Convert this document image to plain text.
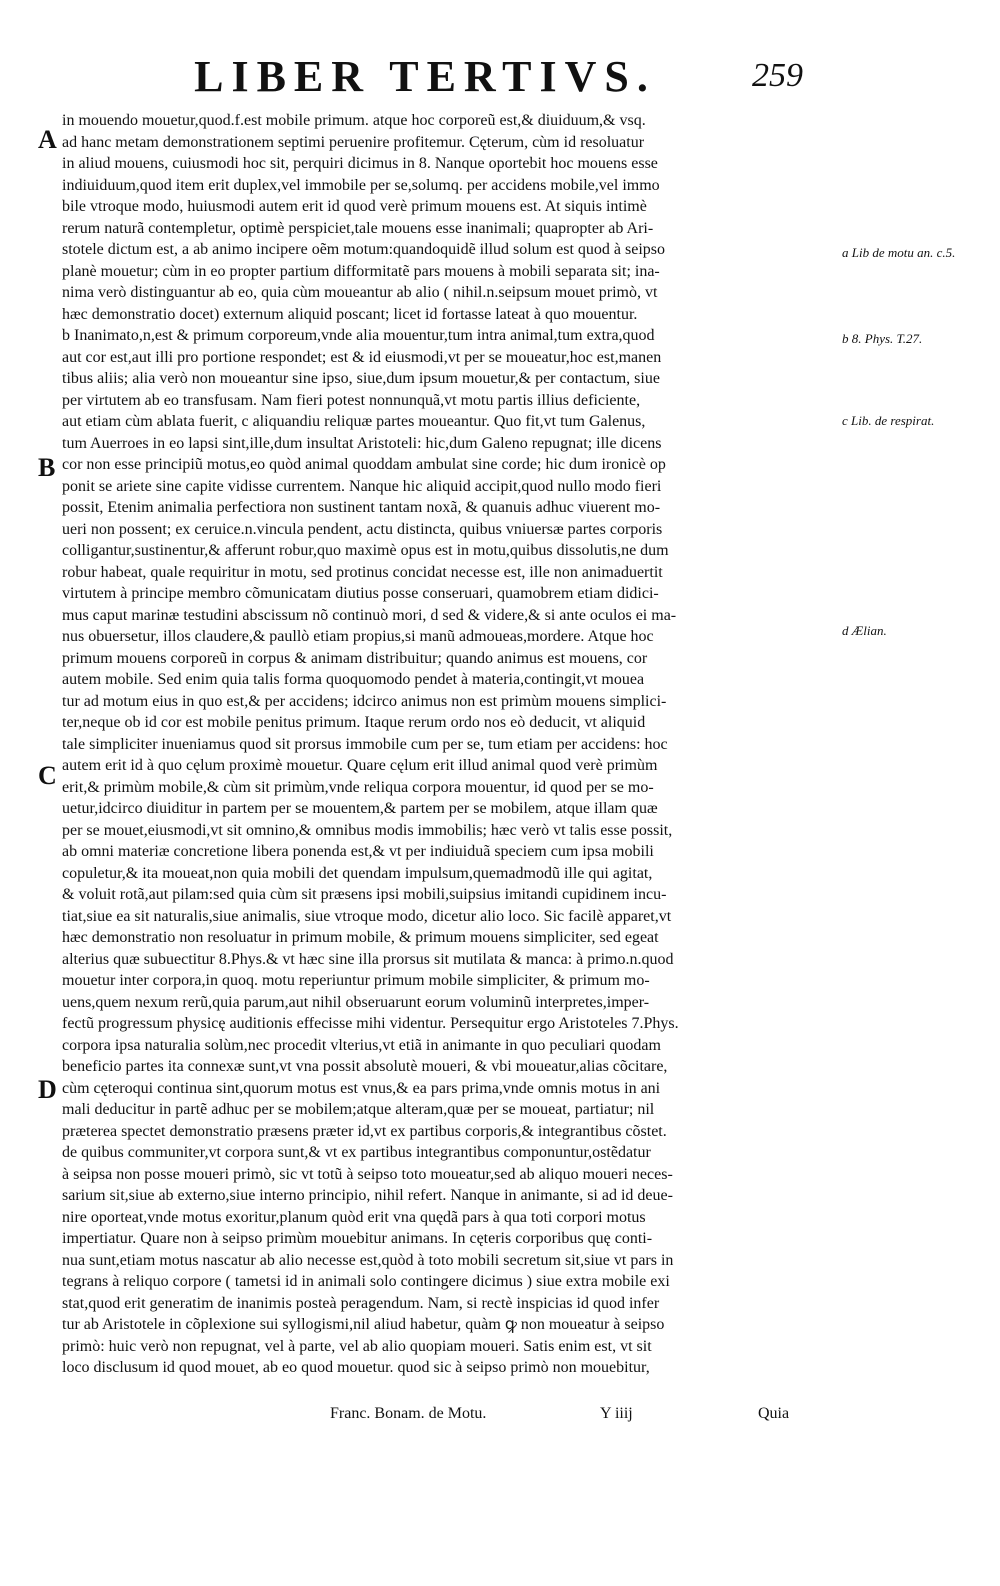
LIBER TERTIVS.	259
A
B
C
D
a Lib de motu an. c.5.
b 8. Phys. T.27.
c Lib. de respirat.
d Ælian.
in mouendo mouetur,quod.f.est mobile primum. atque hoc corporeũ est,& diuiduum,& vsq.
ad hanc metam demonstrationem septimi peruenire profitemur. Cęterum, cùm id resoluatur
in aliud mouens, cuiusmodi hoc sit, perquiri dicimus in 8. Nanque oportebit hoc mouens esse
indiuiduum,quod item erit duplex,vel immobile per se,solumq. per accidens mobile,vel immo
bile vtroque modo, huiusmodi autem erit id quod verè primum mouens est. At siquis intimè
rerum naturã contempletur, optimè perspiciet,tale mouens esse inanimali; quapropter ab Ari-
stotele dictum est, a ab animo incipere oẽm motum:quandoquidẽ illud solum est quod à seipso
planè mouetur; cùm in eo propter partium difformitatẽ pars mouens à mobili separata sit; ina-
nima verò distinguantur ab eo, quia cùm moueantur ab alio ( nihil.n.seipsum mouet primò, vt
hæc demonstratio docet) externum aliquid poscant; licet id fortasse lateat à quo mouentur.
b Inanimato,n,est & primum corporeum,vnde alia mouentur,tum intra animal,tum extra,quod
aut cor est,aut illi pro portione respondet; est & id eiusmodi,vt per se moueatur,hoc est,manen
tibus aliis; alia verò non moueantur sine ipso, siue,dum ipsum mouetur,& per contactum, siue
per virtutem ab eo transfusam. Nam fieri potest nonnunquã,vt motu partis illius deficiente,
aut etiam cùm ablata fuerit, c aliquandiu reliquæ partes moueantur. Quo fit,vt tum Galenus,
tum Auerroes in eo lapsi sint,ille,dum insultat Aristoteli: hic,dum Galeno repugnat; ille dicens
cor non esse principiũ motus,eo quòd animal quoddam ambulat sine corde; hic dum ironicè op
ponit se ariete sine capite vidisse currentem. Nanque hic aliquid accipit,quod nullo modo fieri
possit, Etenim animalia perfectiora non sustinent tantam noxã, & quanuis adhuc viuerent mo-
ueri non possent; ex ceruice.n.vincula pendent, actu distincta, quibus vniuersæ partes corporis
colligantur,sustinentur,& afferunt robur,quo maximè opus est in motu,quibus dissolutis,ne dum
robur habeat, quale requiritur in motu, sed protinus concidat necesse est, ille non animaduertit
virtutem à principe membro cõmunicatam diutius posse conseruari, quamobrem etiam didici-
mus caput marinæ testudini abscissum nõ continuò mori, d sed & videre,& si ante oculos ei ma-
nus obuersetur, illos claudere,& paullò etiam propius,si manũ admoueas,mordere. Atque hoc
primum mouens corporeũ in corpus & animam distribuitur; quando animus est mouens, cor
autem mobile. Sed enim quia talis forma quoquomodo pendet à materia,contingit,vt mouea
tur ad motum eius in quo est,& per accidens; idcirco animus non est primùm mouens simplici-
ter,neque ob id cor est mobile penitus primum. Itaque rerum ordo nos eò deducit, vt aliquid
tale simpliciter inueniamus quod sit prorsus immobile cum per se, tum etiam per accidens: hoc
autem erit id à quo cęlum proximè mouetur. Quare cęlum erit illud animal quod verè primùm
erit,& primùm mobile,& cùm sit primùm,vnde reliqua corpora mouentur, id quod per se mo-
uetur,idcirco diuiditur in partem per se mouentem,& partem per se mobilem, atque illam quæ
per se mouet,eiusmodi,vt sit omnino,& omnibus modis immobilis; hæc verò vt talis esse possit,
ab omni materiæ concretione libera ponenda est,& vt per indiuiduã speciem cum ipsa mobili
copuletur,& ita moueat,non quia mobili det quendam impulsum,quemadmodũ ille qui agitat,
& voluit rotã,aut pilam:sed quia cùm sit præsens ipsi mobili,suipsius imitandi cupidinem incu-
tiat,siue ea sit naturalis,siue animalis, siue vtroque modo, dicetur alio loco. Sic facilè apparet,vt
hæc demonstratio non resoluatur in primum mobile, & primum mouens simpliciter, sed egeat
alterius quæ subuectitur 8.Phys.& vt hæc sine illa prorsus sit mutilata & manca: à primo.n.quod
mouetur inter corpora,in quoq. motu reperiuntur primum mobile simpliciter, & primum mo-
uens,quem nexum rerũ,quia parum,aut nihil obseruarunt eorum voluminũ interpretes,imper-
fectũ progressum physicę auditionis effecisse mihi videntur. Persequitur ergo Aristoteles 7.Phys.
corpora ipsa naturalia solùm,nec procedit vlterius,vt etiã in animante in quo peculiari quodam
beneficio partes ita connexæ sunt,vt vna possit absolutè moueri, & vbi moueatur,alias cõcitare,
cùm cęteroqui continua sint,quorum motus est vnus,& ea pars prima,vnde omnis motus in ani
mali deducitur in partẽ adhuc per se mobilem;atque alteram,quæ per se moueat, partiatur; nil
præterea spectet demonstratio præsens præter id,vt ex partibus corporis,& integrantibus cõstet.
de quibus communiter,vt corpora sunt,& vt ex partibus integrantibus componuntur,ostẽdatur
à seipsa non posse moueri primò, sic vt totũ à seipso toto moueatur,sed ab aliquo moueri neces-
sarium sit,siue ab externo,siue interno principio, nihil refert. Nanque in animante, si ad id deue-
nire oporteat,vnde motus exoritur,planum quòd erit vna quędã pars à qua toti corpori motus
impertiatur. Quare non à seipso primùm mouebitur animans. In cęteris corporibus quę conti-
nua sunt,etiam motus nascatur ab alio necesse est,quòd à toto mobili secretum sit,siue vt pars in
tegrans à reliquo corpore ( tametsi id in animali solo contingere dicimus ) siue extra mobile exi
stat,quod erit generatim de inanimis posteà peragendum. Nam, si rectè inspicias id quod infer
tur ab Aristotele in cõplexione sui syllogismi,nil aliud habetur, quàm ꝙ non moueatur à seipso
primò: huic verò non repugnat, vel à parte, vel ab alio quopiam moueri. Satis enim est, vt sit
loco disclusum id quod mouet, ab eo quod mouetur. quod sic à seipso primò non mouebitur,
Franc. Bonam. de Motu.	Y iiij	Quia
